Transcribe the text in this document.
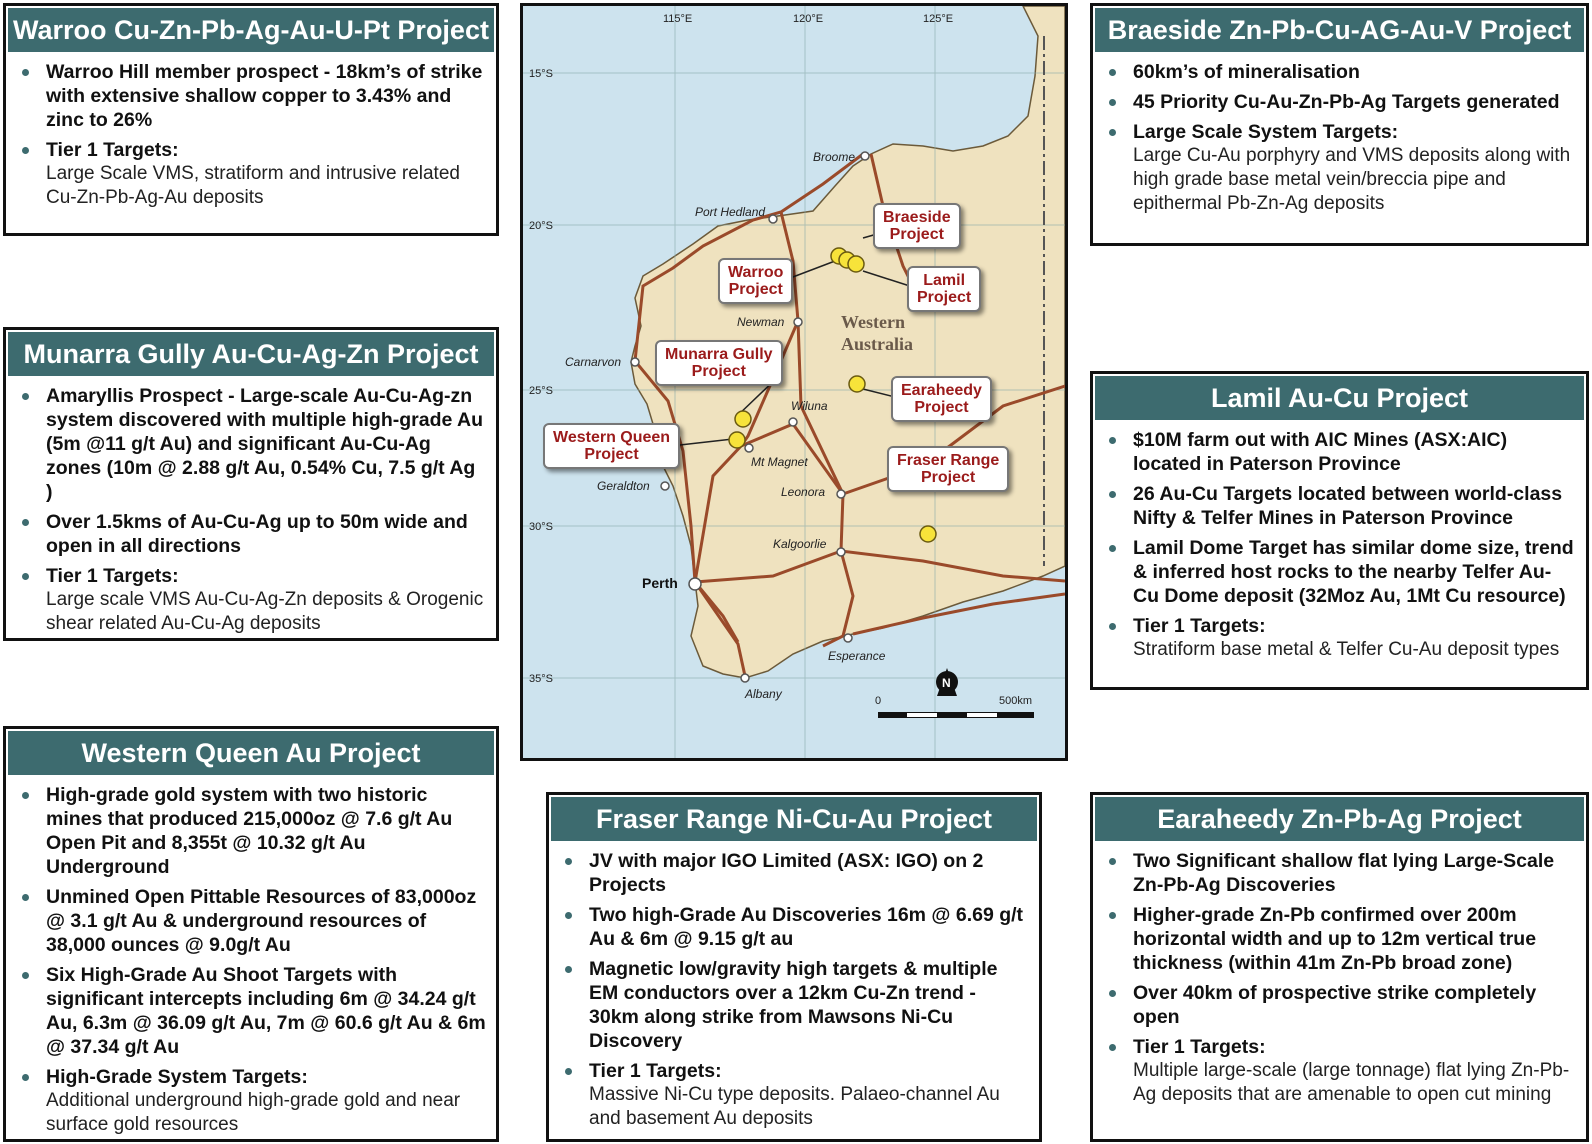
Warroo Cu-Zn-Pb-Ag-Au-U-Pt Project
Warroo Hill member prospect - 18km’s of strike with extensive shallow copper to 3.43% and zinc to 26%
Tier 1 Targets:
Large Scale VMS, stratiform and intrusive related Cu-Zn-Pb-Ag-Au deposits
Munarra Gully Au-Cu-Ag-Zn Project
Amaryllis Prospect - Large-scale Au-Cu-Ag-zn system discovered with multiple high-grade Au (5m @11 g/t Au) and significant Au-Cu-Ag zones (10m @ 2.88 g/t Au, 0.54% Cu, 7.5 g/t Ag )
Over 1.5kms of Au-Cu-Ag up to 50m wide and open in all directions
Tier 1 Targets:
Large scale VMS Au-Cu-Ag-Zn deposits & Orogenic shear related Au-Cu-Ag deposits
Western Queen Au Project
High-grade gold system with two historic mines that produced 215,000oz @ 7.6 g/t Au Open Pit and 8,355t @ 10.32 g/t Au Underground
Unmined Open Pittable Resources of 83,000oz @ 3.1 g/t Au & underground resources of 38,000 ounces @ 9.0g/t Au
Six High-Grade Au Shoot Targets with significant intercepts including 6m @ 34.24 g/t Au, 6.3m @ 36.09 g/t Au, 7m @ 60.6 g/t Au & 6m @ 37.34 g/t Au
High-Grade System Targets:
Additional underground high-grade gold and near surface gold resources
Braeside Zn-Pb-Cu-AG-Au-V Project
60km’s of mineralisation
45 Priority Cu-Au-Zn-Pb-Ag Targets generated
Large Scale System Targets:
Large Cu-Au porphyry and VMS deposits along with high grade base metal vein/breccia pipe and epithermal Pb-Zn-Ag deposits
Lamil Au-Cu Project
$10M farm out with AIC Mines (ASX:AIC) located in Paterson Province
26 Au-Cu Targets located between world-class Nifty & Telfer Mines in Paterson Province
Lamil Dome Target has similar dome size, trend & inferred host rocks to the nearby Telfer Au-Cu Dome deposit (32Moz Au, 1Mt Cu resource)
Tier 1 Targets:
Stratiform base metal & Telfer Cu-Au deposit types
Earaheedy Zn-Pb-Ag Project
Two Significant shallow flat lying Large-Scale Zn-Pb-Ag Discoveries
Higher-grade Zn-Pb confirmed over 200m horizontal width and up to 12m vertical true thickness (within 41m Zn-Pb broad zone)
Over 40km of prospective strike completely open
Tier 1 Targets:
Multiple large-scale (large tonnage) flat lying Zn-Pb-Ag deposits that are amenable to open cut mining
Fraser Range Ni-Cu-Au Project
JV with major IGO Limited (ASX: IGO) on 2 Projects
Two high-Grade Au Discoveries 16m @ 6.69 g/t Au & 6m @ 9.15 g/t au
Magnetic low/gravity high targets & multiple EM conductors over a 12km Cu-Zn trend - 30km along strike from Mawsons Ni-Cu Discovery
Tier 1 Targets:
Massive Ni-Cu type deposits. Palaeo-channel Au and basement Au deposits
115°E	120°E	125°E
15°S
20°S
25°S
30°S
35°S
Western
Australia
Broome
Port Hedland
Newman
Carnarvon
Wiluna
Mt Magnet
Geraldton	Leonora
Kalgoorlie
Esperance
Albany
Perth
0	500km
N
Braeside
Project
Warroo
Project
Lamil
Project
Munarra Gully
Project
Earaheedy
Project
Western Queen
Project	Fraser Range
Project
